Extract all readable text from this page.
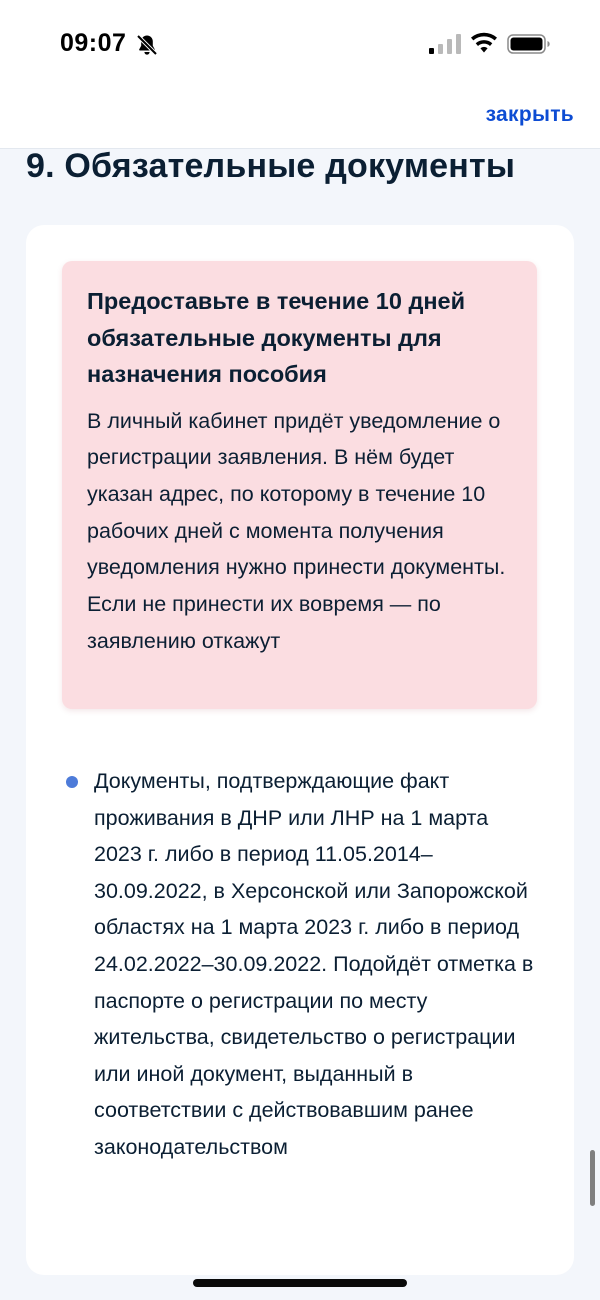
09:07
закрыть
9. Обязательные документы

Предоставьте в течение 10 дней обязательные документы для назначения пособия

В личный кабинет придёт уведомление о регистрации заявления. В нём будет указан адрес, по которому в течение 10 рабочих дней с момента получения уведомления нужно принести документы. Если не принести их вовремя — по заявлению откажут

Документы, подтверждающие факт проживания в ДНР или ЛНР на 1 марта 2023 г. либо в период 11.05.2014–30.09.2022, в Херсонской или Запорожской областях на 1 марта 2023 г. либо в период 24.02.2022–30.09.2022. Подойдёт отметка в паспорте о регистрации по месту жительства, свидетельство о регистрации или иной документ, выданный в соответствии с действовавшим ранее законодательством
